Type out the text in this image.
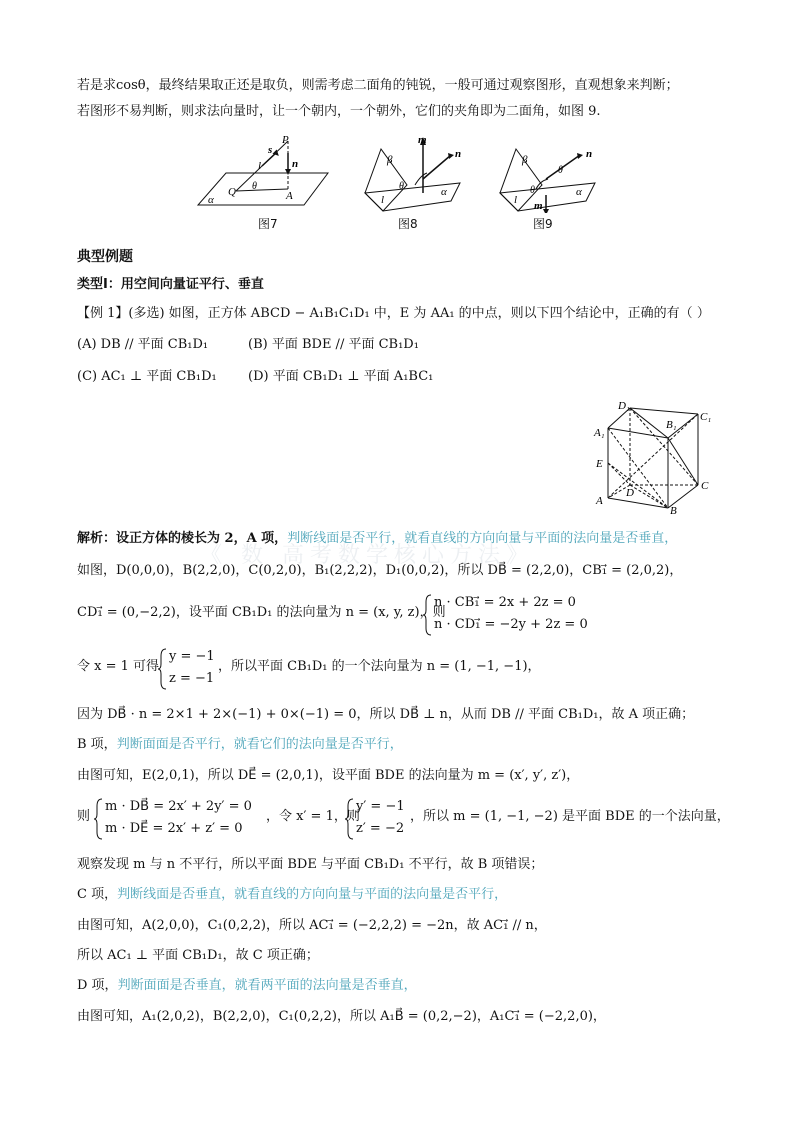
《 数 高考数学核心方法》
若是求cosθ，最终结果取正还是取负，则需考虑二面角的钝锐，一般可通过观察图形，直观想象来判断；
若图形不易判断，则求法向量时，让一个朝内，一个朝外，它们的夹角即为二面角，如图 9.
P
s
l	n
Q θ
A
α
图7
m
n
β
θ
l
α
图8
n
β
θ
l
θ
m
α
图9
典型例题
类型Ⅰ：用空间向量证平行、垂直
【例 1】(多选) 如图，正方体 ABCD − A₁B₁C₁D₁ 中，E 为 AA₁ 的中点，则以下四个结论中，正确的有（ ）
(A) DB // 平面 CB₁D₁	(B) 平面 BDE // 平面 CB₁D₁
(C) AC₁ ⊥ 平面 CB₁D₁ (D) 平面 CB₁D₁ ⊥ 平面 A₁BC₁
D₁
B₁
C₁
A₁
E
C
A
D
B
解析：设正方体的棱长为 2，A 项，判断线面是否平行，就看直线的方向向量与平面的法向量是否垂直，
如图，D(0,0,0)，B(2,2,0)，C(0,2,0)，B₁(2,2,2)，D₁(0,0,2)，所以 DB⃗ = (2,2,0)，CB₁⃗ = (2,0,2)，
CD₁⃗ = (0,−2,2)，设平面 CB₁D₁ 的法向量为 n = (x, y, z)，则
n · CB₁⃗ = 2x + 2z = 0
n · CD₁⃗ = −2y + 2z = 0
令 x = 1 可得
y = −1
z = −1
，所以平面 CB₁D₁ 的一个法向量为 n = (1, −1, −1)，
因为 DB⃗ · n = 2×1 + 2×(−1) + 0×(−1) = 0，所以 DB⃗ ⊥ n，从而 DB // 平面 CB₁D₁，故 A 项正确；
B 项，判断面面是否平行，就看它们的法向量是否平行，
由图可知，E(2,0,1)，所以 DE⃗ = (2,0,1)，设平面 BDE 的法向量为 m = (x′, y′, z′)，
则
m · DB⃗ = 2x′ + 2y′ = 0
m · DE⃗ = 2x′ + z′ = 0
，令 x′ = 1，则
y′ = −1
z′ = −2
，所以 m = (1, −1, −2) 是平面 BDE 的一个法向量，
观察发现 m 与 n 不平行，所以平面 BDE 与平面 CB₁D₁ 不平行，故 B 项错误；
C 项，判断线面是否垂直，就看直线的方向向量与平面的法向量是否平行，
由图可知，A(2,0,0)，C₁(0,2,2)，所以 AC₁⃗ = (−2,2,2) = −2n，故 AC₁⃗ // n，
所以 AC₁ ⊥ 平面 CB₁D₁，故 C 项正确；
D 项，判断面面是否垂直，就看两平面的法向量是否垂直，
由图可知，A₁(2,0,2)，B(2,2,0)，C₁(0,2,2)，所以 A₁B⃗ = (0,2,−2)，A₁C₁⃗ = (−2,2,0)，
